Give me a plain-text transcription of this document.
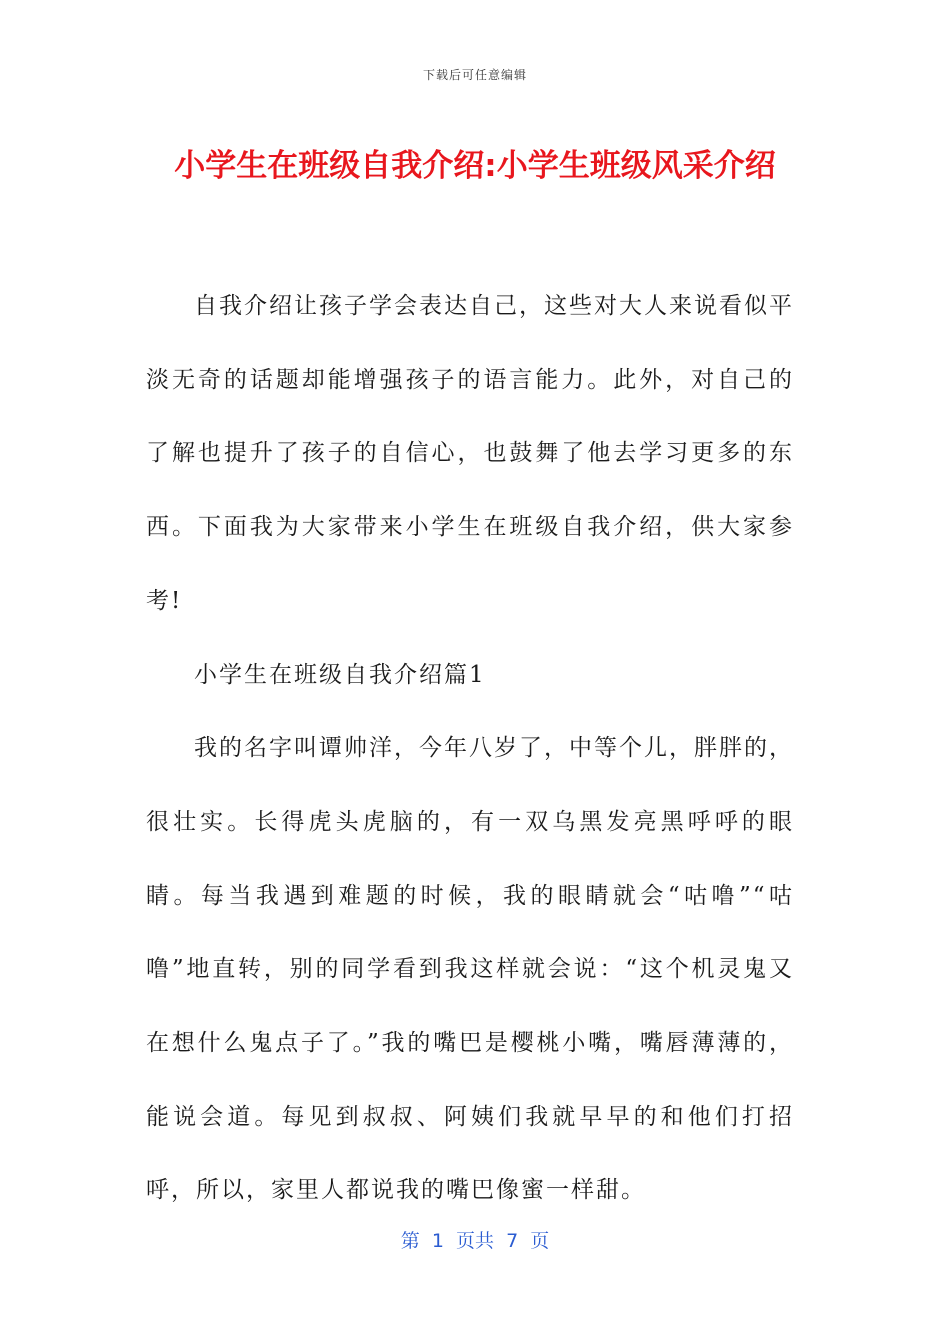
下载后可任意编辑
小学生在班级自我介绍:小学生班级风采介绍

自我介绍让孩子学会表达自己，这些对大人来说看似平淡无奇的话题却能增强孩子的语言能力。此外，对自己的了解也提升了孩子的自信心，也鼓舞了他去学习更多的东西。下面我为大家带来小学生在班级自我介绍，供大家参考!

小学生在班级自我介绍篇1

我的名字叫谭帅洋，今年八岁了，中等个儿，胖胖的，很壮实。长得虎头虎脑的，有一双乌黑发亮黑呼呼的眼睛。每当我遇到难题的时候，我的眼睛就会“咕噜”“咕噜”地直转，别的同学看到我这样就会说：“这个机灵鬼又在想什么鬼点子了。”我的嘴巴是樱桃小嘴，嘴唇薄薄的，能说会道。每见到叔叔、阿姨们我就早早的和他们打招呼，所以，家里人都说我的嘴巴像蜜一样甜。

第  1  页共  7  页
